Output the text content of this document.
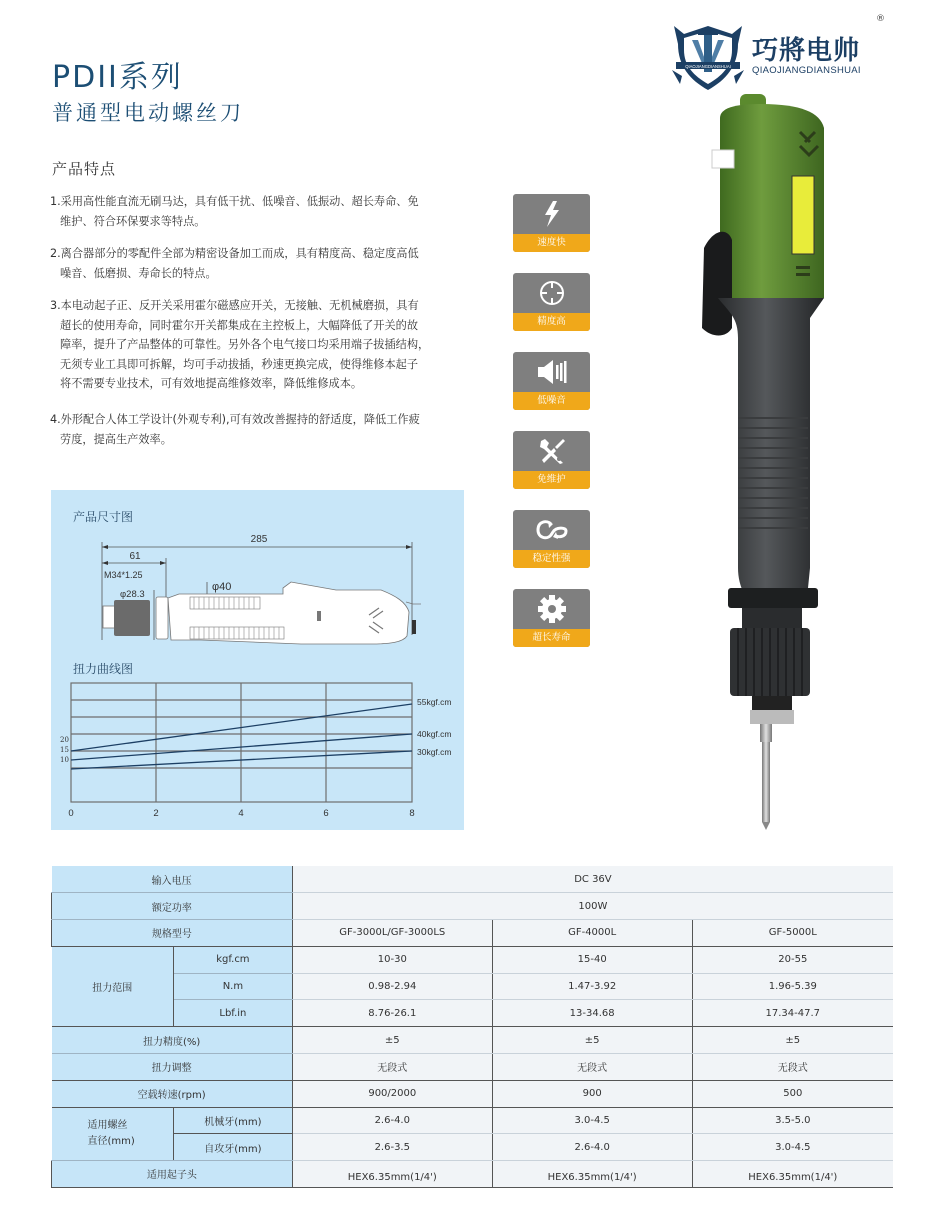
PDII系列
普通型电动螺丝刀
QIAOJIANGDIANSHUAI
巧將电帅
QIAOJIANGDIANSHUAI
®
产品特点
1.采用高性能直流无刷马达，具有低干扰、低噪音、低振动、超长寿命、免
维护、符合环保要求等特点。
2.离合器部分的零配件全部为精密设备加工而成，具有精度高、稳定度高低
噪音、低磨损、寿命长的特点。
3.本电动起子正、反开关采用霍尔磁感应开关，无接触、无机械磨损，具有
超长的使用寿命，同时霍尔开关都集成在主控板上，大幅降低了开关的故
障率，提升了产品整体的可靠性。另外各个电气接口均采用端子拔插结构，
无须专业工具即可拆解，均可手动拔插，秒速更换完成，使得维修本起子
将不需要专业技术，可有效地提高维修效率，降低维修成本。
4.外形配合人体工学设计(外观专利),可有效改善握持的舒适度，降低工作疲
劳度，提高生产效率。
速度快
精度高
低噪音
免维护
稳定性强
超长寿命
产品尺寸图
285
61
M34*1.25
φ28.3
φ40
扭力曲线图
20
15
10
0	2	4	6	8
55kgf.cm
40kgf.cm
30kgf.cm
输入电压		DC 36V		
额定功率		100W		
规格型号		GF-3000L/GF-3000LS	GF-4000L	GF-5000L
扭力范围	kgf.cm	10-30	15-40	20-55
	N.m	0.98-2.94	1.47-3.92	1.96-5.39
	Lbf.in	8.76-26.1	13-34.68	17.34-47.7
扭力精度(%)		±5	±5	±5
扭力调整		无段式	无段式	无段式
空载转速(rpm)		900/2000	900	500
适用螺丝
直径(mm)	机械牙(mm)	2.6-4.0	3.0-4.5	3.5-5.0
	自攻牙(mm)	2.6-3.5	2.6-4.0	3.0-4.5
适用起子头		HEX6.35mm(1/4')	HEX6.35mm(1/4')	HEX6.35mm(1/4')
